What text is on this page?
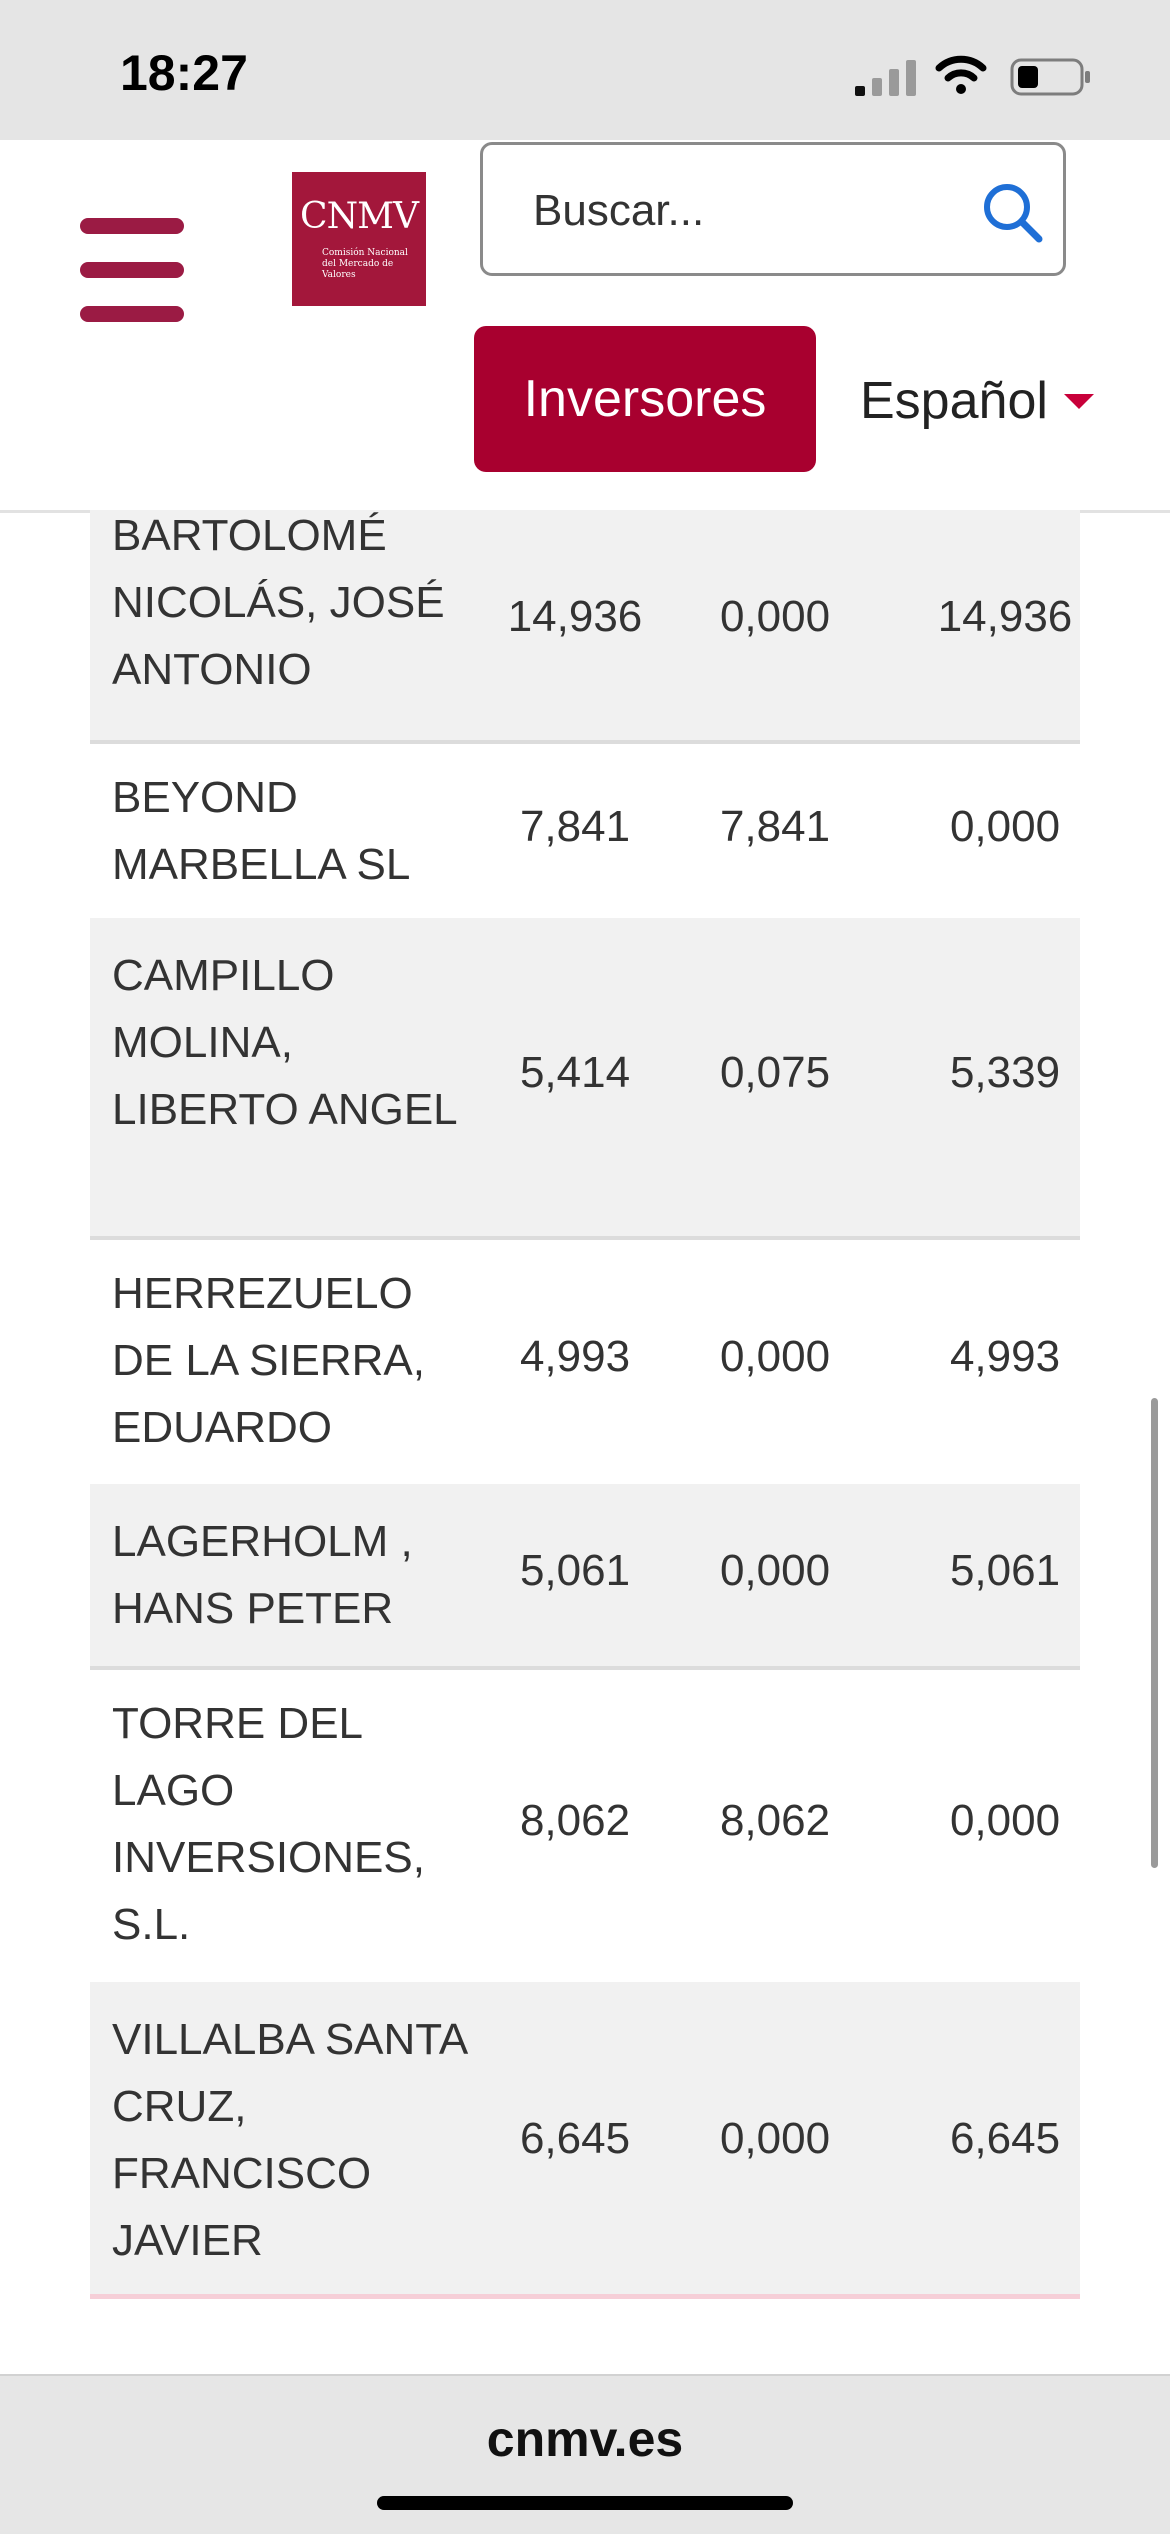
18:27
CNMV
Comisión Nacional del Mercado de Valores
Buscar...
Inversores	Español
BARTOLOMÉ NICOLÁS, JOSÉ ANTONIO
14,936	0,000	14,936
BEYOND MARBELLA SL
7,841	7,841	0,000
CAMPILLO MOLINA, LIBERTO ANGEL
5,414	0,075	5,339
HERREZUELO DE LA SIERRA, EDUARDO
4,993	0,000	4,993
LAGERHOLM , HANS PETER
5,061	0,000	5,061
TORRE DEL LAGO INVERSIONES, S.L.
8,062	8,062	0,000
VILLALBA SANTA CRUZ, FRANCISCO JAVIER
6,645	0,000	6,645
cnmv.es
